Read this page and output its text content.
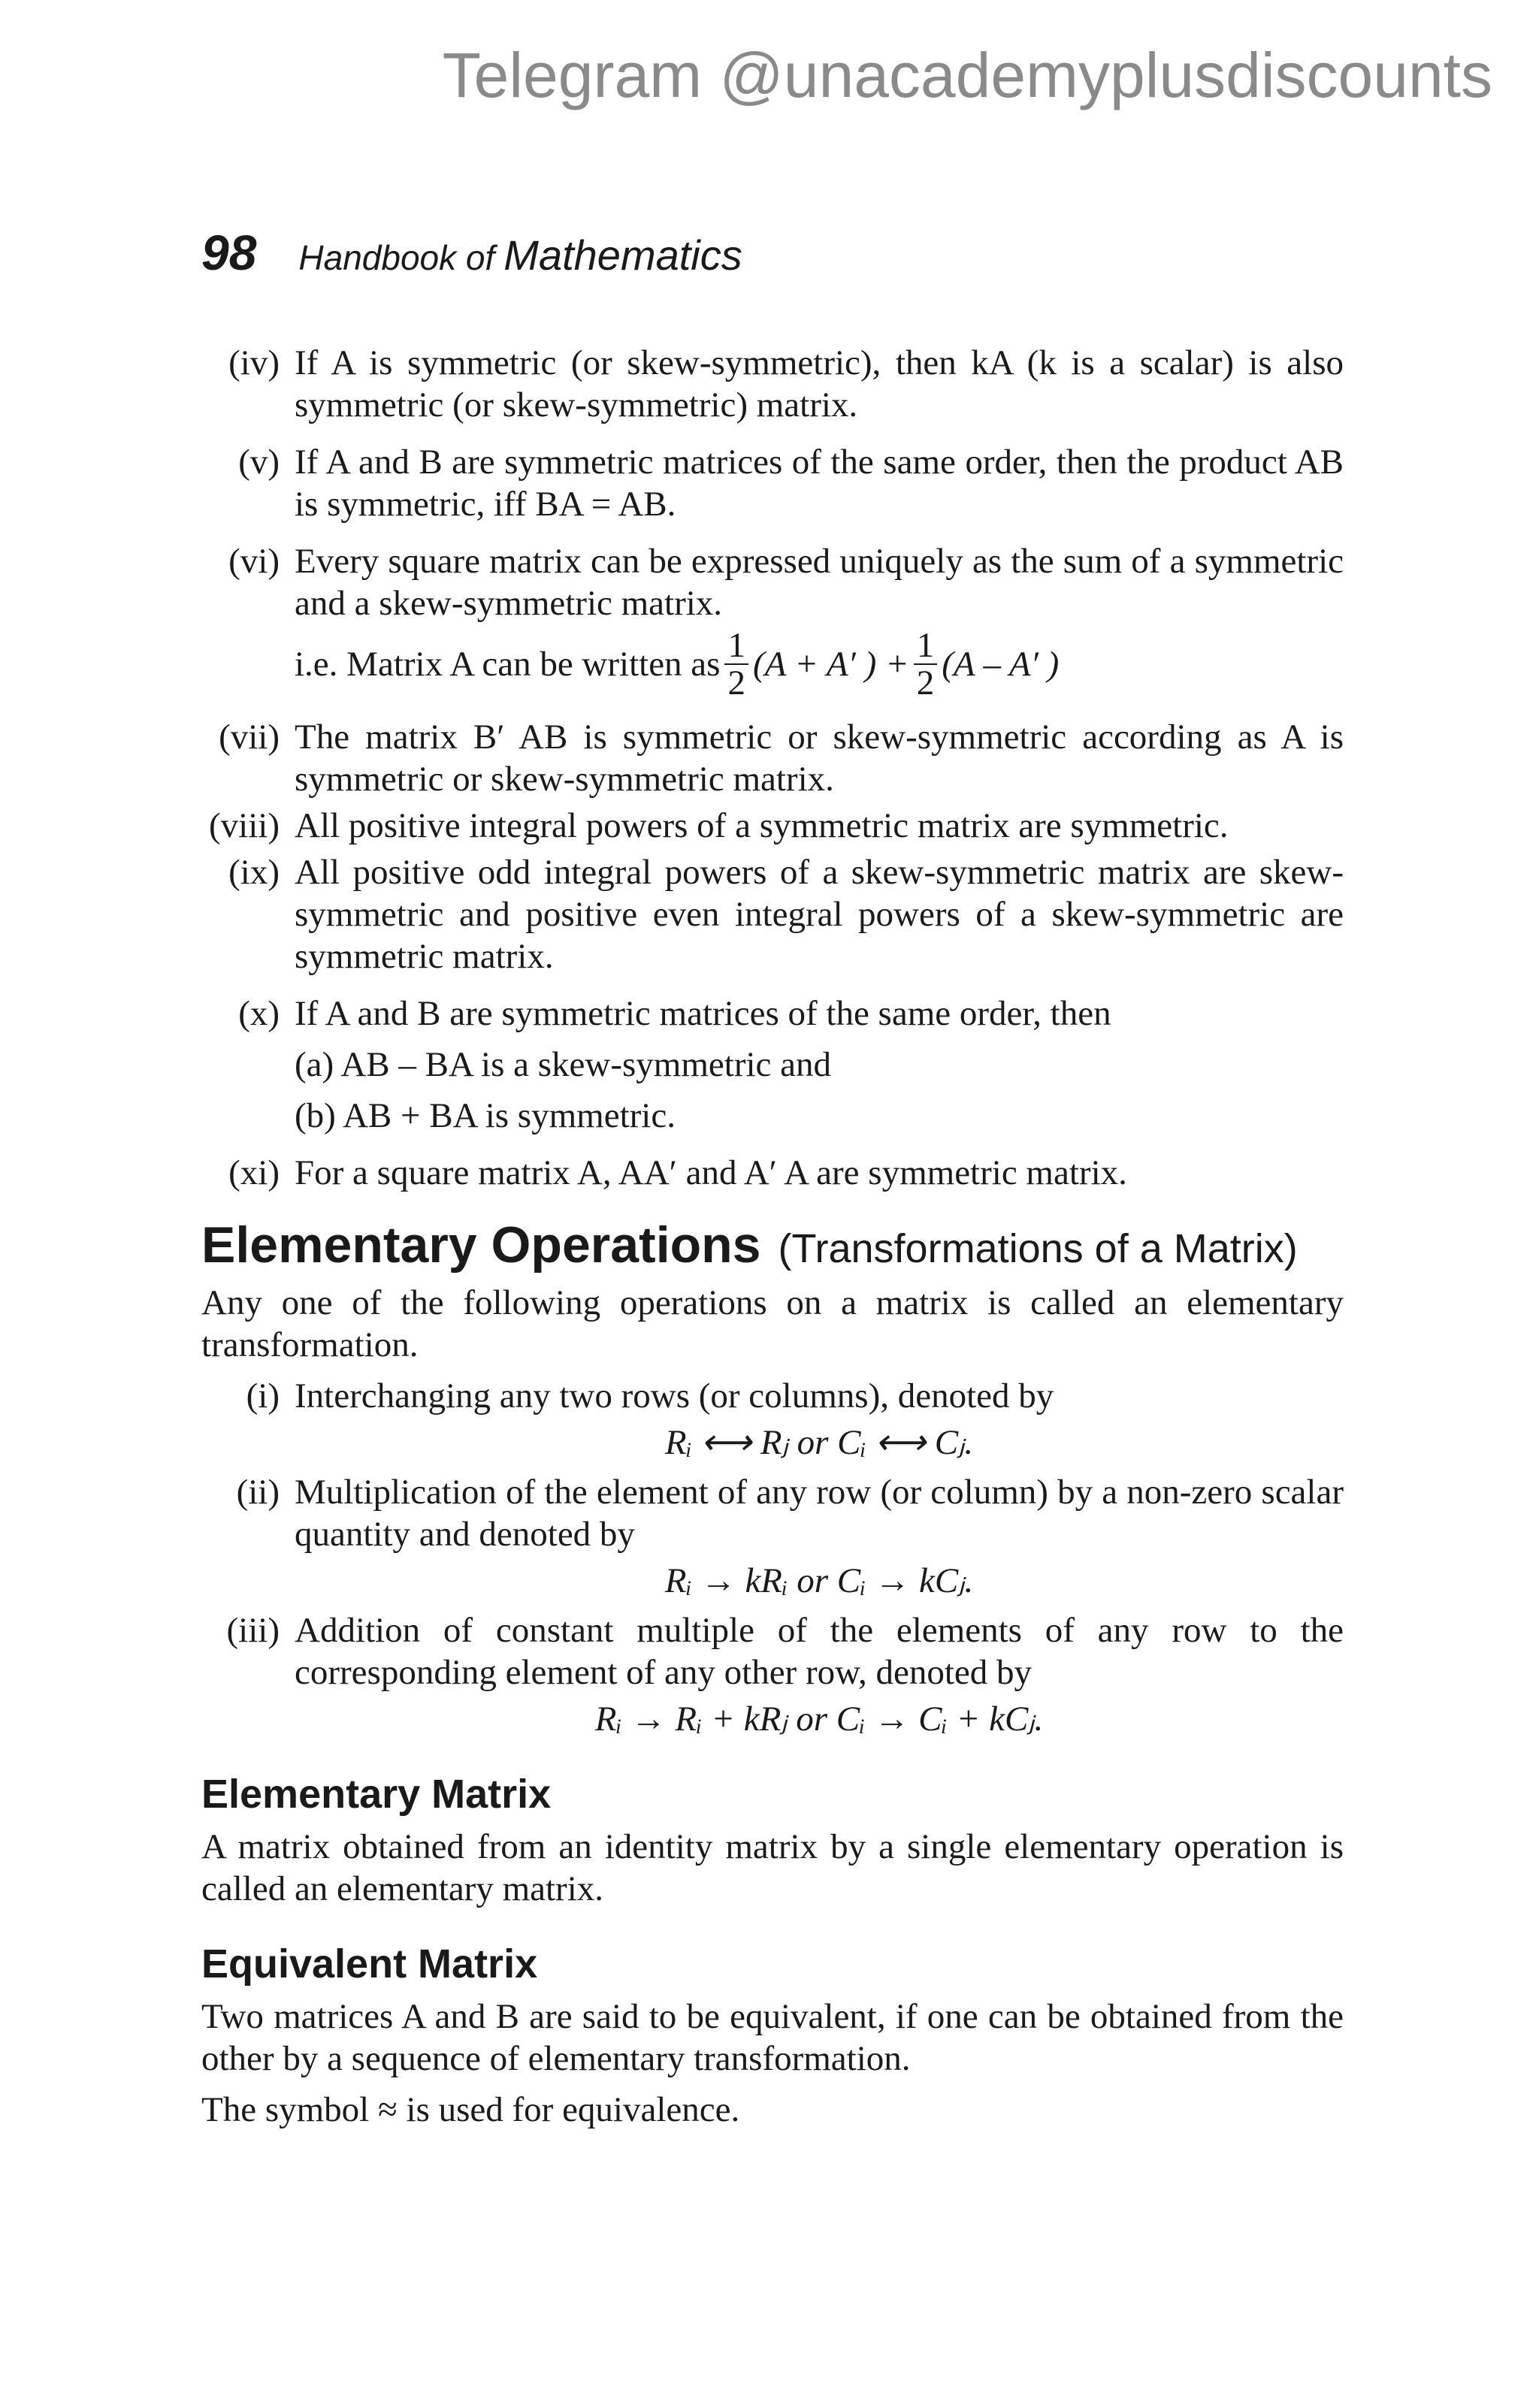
Telegram @unacademyplusdiscounts
98 Handbook of Mathematics
(iv) If A is symmetric (or skew-symmetric), then kA (k is a scalar) is also symmetric (or skew-symmetric) matrix.
(v) If A and B are symmetric matrices of the same order, then the product AB is symmetric, iff BA = AB.
(vi) Every square matrix can be expressed uniquely as the sum of a symmetric and a skew-symmetric matrix.
i.e. Matrix A can be written as $\frac{1}{2} (A + A'$ ) + $\frac{1}{2} (A - A'$ )
(vii) The matrix B′ AB is symmetric or skew-symmetric according as A is symmetric or skew-symmetric matrix.
(viii) All positive integral powers of a symmetric matrix are symmetric.
(ix) All positive odd integral powers of a skew-symmetric matrix are skew-symmetric and positive even integral powers of a skew-symmetric are symmetric matrix.
(x) If A and B are symmetric matrices of the same order, then
(a) AB – BA is a skew-symmetric and
(b) AB + BA is symmetric.
(xi) For a square matrix A, AA′ and A′ A are symmetric matrix.
Elementary Operations (Transformations of a Matrix)
Any one of the following operations on a matrix is called an elementary transformation.
(i) Interchanging any two rows (or columns), denoted by
Rᵢ ⟷ Rⱼ or Cᵢ ⟷ Cⱼ.
(ii) Multiplication of the element of any row (or column) by a non-zero scalar quantity and denoted by
Rᵢ → kRᵢ or Cᵢ → kCⱼ.
(iii) Addition of constant multiple of the elements of any row to the corresponding element of any other row, denoted by
Rᵢ → Rᵢ + kRⱼ or Cᵢ → Cᵢ + kCⱼ.
Elementary Matrix
A matrix obtained from an identity matrix by a single elementary operation is called an elementary matrix.
Equivalent Matrix
Two matrices A and B are said to be equivalent, if one can be obtained from the other by a sequence of elementary transformation.
The symbol ≈ is used for equivalence.
